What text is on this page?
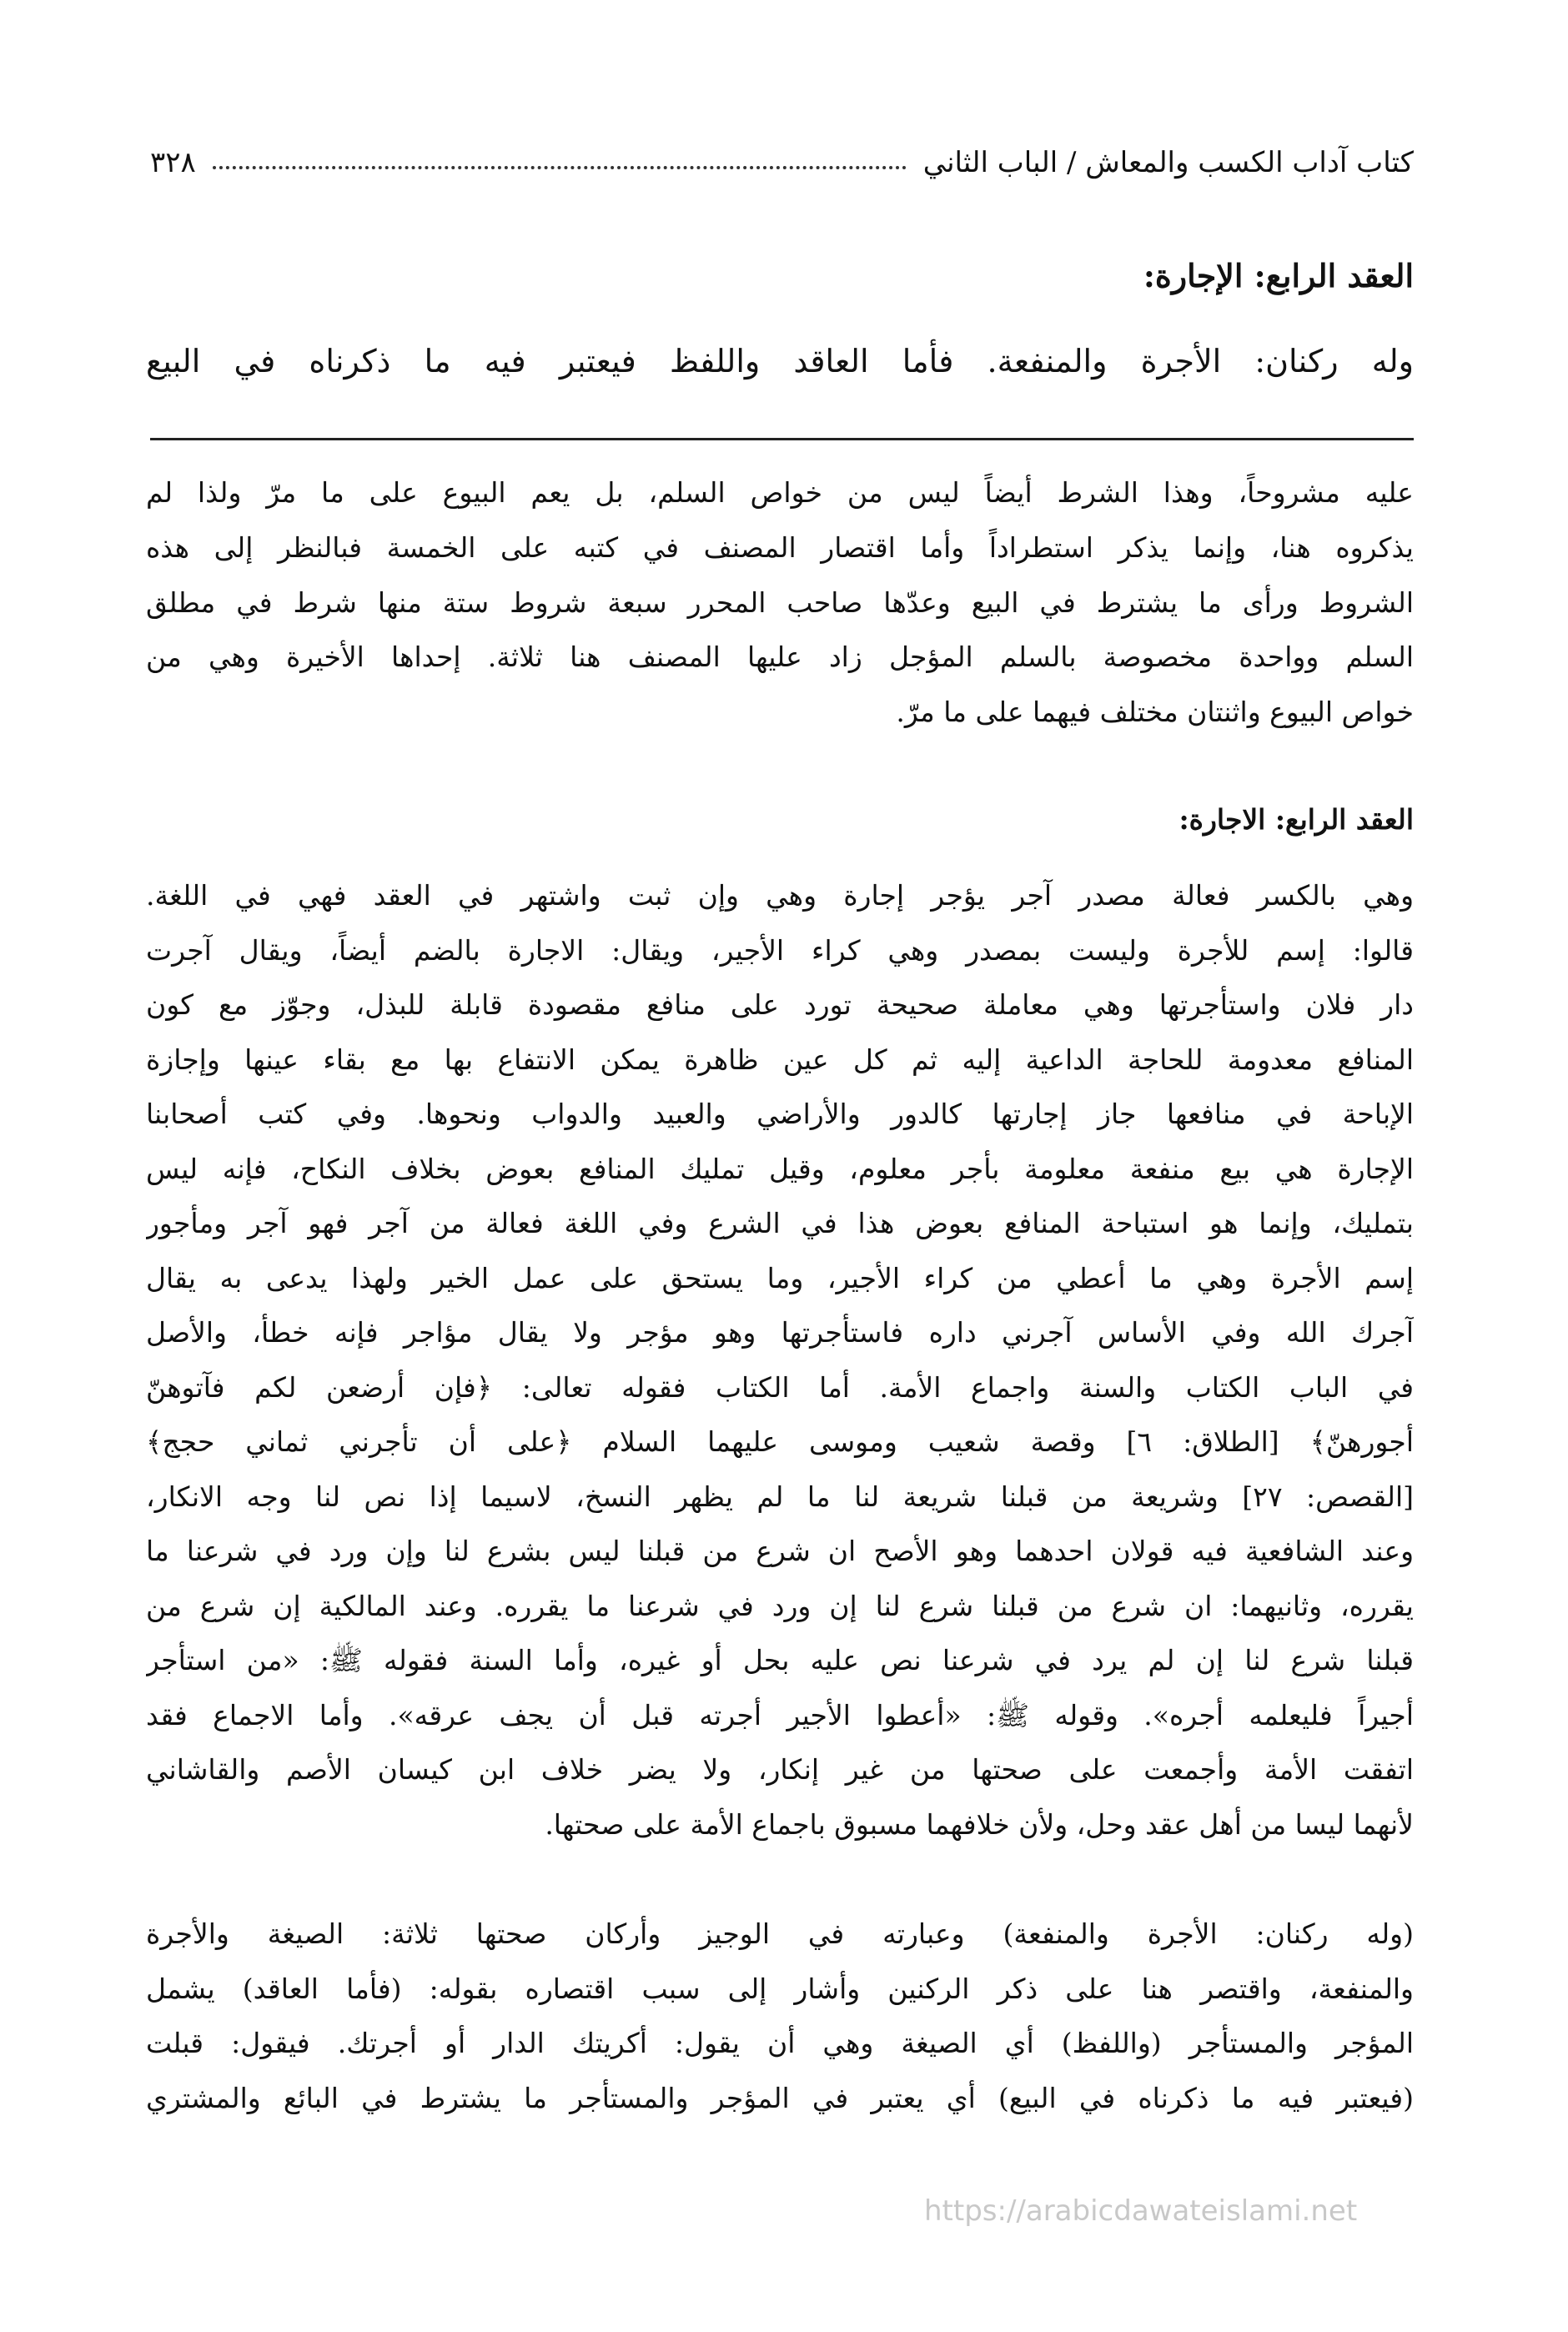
كتاب آداب الكسب والمعاش / الباب الثاني
٣٢٨

العقد الرابع: الإجارة:

وله ركنان: الأجرة والمنفعة. فأما العاقد واللفظ فيعتبر فيه ما ذكرناه في البيع

عليه مشروحاً، وهذا الشرط أيضاً ليس من خواص السلم، بل يعم البيوع على ما مرّ ولذا لم

يذكروه هنا، وإنما يذكر استطراداً وأما اقتصار المصنف في كتبه على الخمسة فبالنظر إلى هذه

الشروط ورأى ما يشترط في البيع وعدّها صاحب المحرر سبعة شروط ستة منها شرط في مطلق

السلم وواحدة مخصوصة بالسلم المؤجل زاد عليها المصنف هنا ثلاثة. إحداها الأخيرة وهي من

خواص البيوع واثنتان مختلف فيهما على ما مرّ.

العقد الرابع: الاجارة:

وهي بالكسر فعالة مصدر آجر يؤجر إجارة وهي وإن ثبت واشتهر في العقد فهي في اللغة.

قالوا: إسم للأجرة وليست بمصدر وهي كراء الأجير، ويقال: الاجارة بالضم أيضاً، ويقال آجرت

دار فلان واستأجرتها وهي معاملة صحيحة تورد على منافع مقصودة قابلة للبذل، وجوّز مع كون

المنافع معدومة للحاجة الداعية إليه ثم كل عين ظاهرة يمكن الانتفاع بها مع بقاء عينها وإجازة

الإباحة في منافعها جاز إجارتها كالدور والأراضي والعبيد والدواب ونحوها. وفي كتب أصحابنا

الإجارة هي بيع منفعة معلومة بأجر معلوم، وقيل تمليك المنافع بعوض بخلاف النكاح، فإنه ليس

بتمليك، وإنما هو استباحة المنافع بعوض هذا في الشرع وفي اللغة فعالة من آجر فهو آجر ومأجور

إسم الأجرة وهي ما أعطي من كراء الأجير، وما يستحق على عمل الخير ولهذا يدعى به يقال

آجرك الله وفي الأساس آجرني داره فاستأجرتها وهو مؤجر ولا يقال مؤاجر فإنه خطأ، والأصل

في الباب الكتاب والسنة واجماع الأمة. أما الكتاب فقوله تعالى: ﴿فإن أرضعن لكم فآتوهنّ

أجورهنّ﴾ [الطلاق: ٦] وقصة شعيب وموسى عليهما السلام ﴿على أن تأجرني ثماني حجج﴾

[القصص: ٢٧] وشريعة من قبلنا شريعة لنا ما لم يظهر النسخ، لاسيما إذا نص لنا وجه الانكار،

وعند الشافعية فيه قولان احدهما وهو الأصح ان شرع من قبلنا ليس بشرع لنا وإن ورد في شرعنا ما

يقرره، وثانيهما: ان شرع من قبلنا شرع لنا إن ورد في شرعنا ما يقرره. وعند المالكية إن شرع من

قبلنا شرع لنا إن لم يرد في شرعنا نص عليه بحل أو غيره، وأما السنة فقوله ﷺ: «من استأجر

أجيراً فليعلمه أجره». وقوله ﷺ: «أعطوا الأجير أجرته قبل أن يجف عرقه». وأما الاجماع فقد

اتفقت الأمة وأجمعت على صحتها من غير إنكار، ولا يضر خلاف ابن كيسان الأصم والقاشاني

لأنهما ليسا من أهل عقد وحل، ولأن خلافهما مسبوق باجماع الأمة على صحتها.

(وله ركنان: الأجرة والمنفعة) وعبارته في الوجيز وأركان صحتها ثلاثة: الصيغة والأجرة

والمنفعة، واقتصر هنا على ذكر الركنين وأشار إلى سبب اقتصاره بقوله: (فأما العاقد) يشمل

المؤجر والمستأجر (واللفظ) أي الصيغة وهي أن يقول: أكريتك الدار أو أجرتك. فيقول: قبلت

(فيعتبر فيه ما ذكرناه في البيع) أي يعتبر في المؤجر والمستأجر ما يشترط في البائع والمشتري

https://arabicdawateislami.net
